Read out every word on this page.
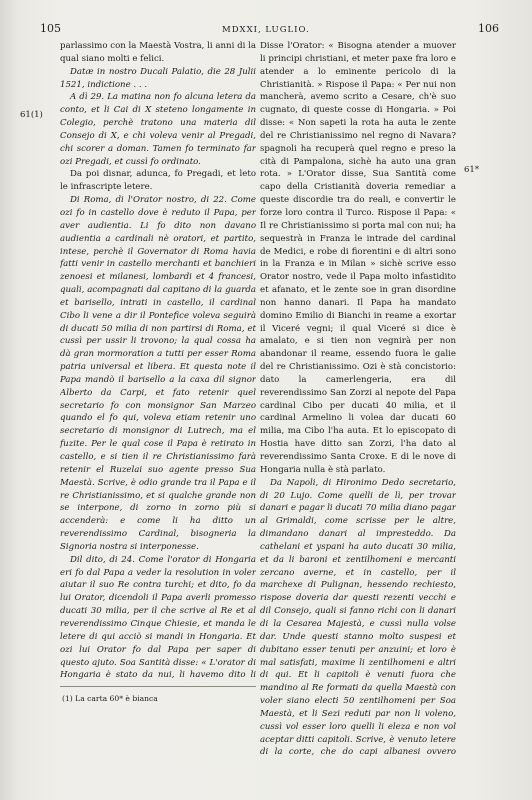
105	MDXXI, LUGLIO.	106
61(1)
61*

parlassimo con la Maestà Vostra, li anni di la qual siano molti e felici.

Datæ in nostro Ducali Palatio, die 28 Julii 1521, indictione . . .

A dì 29. La matina non fo alcuna letera da conto, et li Cai di X steteno longamente in Colegio, perchè tratono una materia dil Consejo di X, e chi voleva venir al Pregadi, chi scorer a doman. Tamen fo terminato far ozi Pregadi, et cussì fo ordinato.

Da poi disnar, adunca, fo Pregadi, et leto le infrascripte letere.

Di Roma, di l'Orator nostro, di 22. Come ozi fo in castello dove è reduto il Papa, per aver audientia. Li fo dito non davano audientia a cardinali nè oratori, et partito, intese, perchè il Governator di Roma havia fatti venir in castello merchanti et banchieri zenoesi et milanesi, lombardi et 4 francesi, quali, acompagnati dal capitano di la guarda et barisello, intrati in castello, il cardinal Cibo li vene a dir il Pontefice voleva seguirà di ducati 50 milia di non partirsi di Roma, et cussì per ussir li trovono; la qual cossa ha dà gran mormoration a tutti per esser Roma patria universal et libera. Et questa note il Papa mandò il barisello a la caxa dil signor Alberto da Carpi, et fato retenir quel secretario fo con monsignor San Marzeo quando el fo qui, voleva etiam retenir uno secretario di monsignor di Lutrech, ma el fuzite. Per le qual cose il Papa è retirato in castello, e si tien il re Christianissimo farà retenir el Ruzelai suo agente presso Sua Maestà. Scrive, è odio grande tra il Papa e il re Christianissimo, et si qualche grande non se interpone, di zorno in zorno più si accenderà: e come li ha ditto un reverendissimo Cardinal, bisogneria la Signoria nostra si interponesse.

Dil dito, di 24. Come l'orator di Hongaria eri fo dal Papa a veder la resolution in voler aiutar il suo Re contra turchi; et dito, fo da lui Orator, dicendoli il Papa averli promesso ducati 30 milia, per il che scrive al Re et al reverendissimo Cinque Chiesie, et manda le letere di qui acciò si mandi in Hongaria. Et ozi lui Orator fo dal Papa per saper di questo ajuto. Soa Santità disse: « L'orator di Hongaria è stato da nui, li havemo dito li

Disse l'Orator: « Bisogna atender a muover li principi christiani, et meter paxe fra loro e atender a lo eminente pericolo di la Christianità. » Rispose il Papa: « Per nui non mancherà, avemo scrito a Cesare, ch'è suo cugnato, di queste cosse di Hongaria. » Poi disse: « Non sapeti la rota ha auta le zente del re Christianissimo nel regno di Navara? spagnoli ha recuperà quel regno e preso la cità di Pampalona, sichè ha auto una gran rota. » L'Orator disse, Sua Santità come capo della Cristianità doveria remediar a queste discordie tra do reali, e convertir le forze loro contra il Turco. Rispose il Papa: « Il re Christianissimo si porta mal con nui; ha sequestrà in Franza le intrade del cardinal de Medici, e robe di fiorentini e di altri sono in la Franza e in Milan » sichè scrive esso Orator nostro, vede il Papa molto infastidito et afanato, et le zente soe in gran disordine non hanno danari. Il Papa ha mandato domino Emilio di Bianchi in reame a exortar il Viceré vegni; il qual Viceré si dice è amalato, e si tien non vegnirà per non abandonar il reame, essendo fuora le galie del re Christianissimo. Ozi è stà concistorio: dato la camerlengeria, era dil reverendissimo San Zorzi al nepote del Papa cardinal Cibo per ducati 40 milia, et il cardinal Armelino li volea dar ducati 60 milia, ma Cibo l'ha auta. Et lo episcopato di Hostia have ditto san Zorzi, l'ha dato al reverendissimo Santa Croxe. E di le nove di Hongaria nulla è stà parlato.

Da Napoli, di Hironimo Dedo secretario, di 20 Lujo. Come quelli de lì, per trovar danari e pagar li ducati 70 milia diano pagar al Grimaldi, come scrisse per le altre, dimandano danari al impresteddo. Da cathelani et yspani ha auto ducati 30 milia, et da li baroni et zentilhomeni e mercanti zercano averne, et in castello, per il marchexe di Pulignan, hessendo rechiesto, rispose doveria dar questi rezenti vecchi e dil Consejo, quali si fanno richi con li danari di la Cesarea Majestà, e cussì nulla volse dar. Unde questi stanno molto suspesi et dubitano esser tenuti per anzuini; et loro è mal satisfati, maxime li zentilhomeni e altri di qui. Et li capitoli è venuti fuora che mandino al Re formati da quella Maestà con voler siano electi 50 zentilhomeni per Soa Maestà, et li Sezi reduti par non li voleno, cussì vol esser loro quelli li eleza e non vol aceptar ditti capitoli. Scrive, è venuto letere di la corte, che do capi albanesi ovvero

(1) La carta 60* è bianca
